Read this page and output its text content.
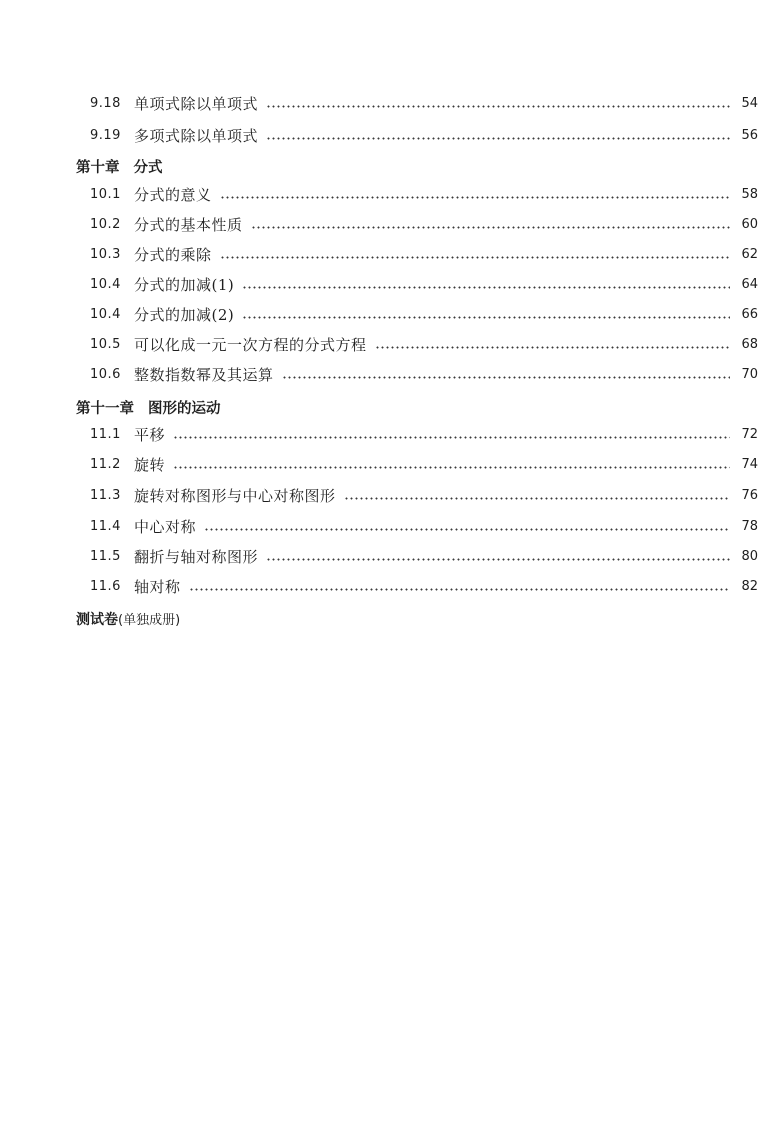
9.18 单项式除以单项式	54
9.19 多项式除以单项式	56
第十章 分式
10.1 分式的意义	58
10.2 分式的基本性质	60
10.3 分式的乘除	62
10.4 分式的加减(1)	64
10.4 分式的加减(2)	66
10.5 可以化成一元一次方程的分式方程	68
10.6 整数指数幂及其运算	70
第十一章 图形的运动
11.1 平移	72
11.2 旋转	74
11.3 旋转对称图形与中心对称图形	76
11.4 中心对称	78
11.5 翻折与轴对称图形	80
11.6 轴对称	82
测试卷(单独成册)
